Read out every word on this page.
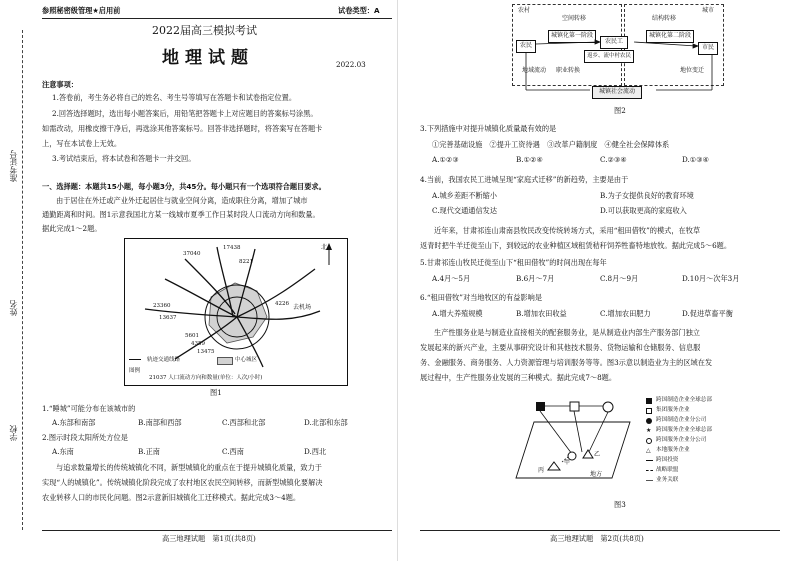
准考证号
姓名
学校
参照秘密级管理★启用前	试卷类型：A
2022届高三模拟考试
地理试题	2022.03
注意事项：
1.答卷前，考生务必将自己的姓名、考生号等填写在答题卡和试卷指定位置。
2.回答选择题时，选出每小题答案后，用铅笔把答题卡上对应题目的答案标号涂黑。
如需改动，用橡皮擦干净后，再选涂其他答案标号。回答非选择题时，将答案写在答题卡
上，写在本试卷上无效。
3.考试结束后，将本试卷和答题卡一并交回。
一、选择题：本题共15小题，每小题3分，共45分。每小题只有一个选项符合题目要求。
由于居住在外迁或产业外迁起居住与就业空间分离，造成职住分离，增加了城市
通勤距离和时间。图1示意我国北方某一线城市夏季工作日某时段人口流动方向和数量。
据此完成1～2题。
北
37040
17438
8221
23360
13637
4226
5601
4359
13475
去机场
轨迹交通线路	中心城区
图例
21037 人口流动方向和数量(单位：人次/小时)
图1
1.“睡城”可能分布在该城市的
A.东部和南部	B.南部和西部	C.西部和北部	D.北部和东部
2.图示时段太阳所处方位是
A.东南	B.正南	C.西南	D.西北
与追求数量增长的传统城镇化不同，新型城镇化的重点在于提升城镇化质量，致力于
实现“人的城镇化”。传统城镇化阶段完成了农村地区农民空间转移，而新型城镇化要解决
农业转移人口的市民化问题。图2示意新旧城镇化工迁移模式。据此完成3～4题。
高三地理试题　第1页(共8页)
农村	城市
空间转移	结构转移
农民
城镇化第一阶段
农民工
返乡、流中村农民
城镇化第二阶段
市民
地域流动 职业转换	地位变迁
城镇社会流动
图2
3.下列措施中对提升城镇化质量最有效的是
①完善基础设施　②提升工资待遇　③改革户籍制度　④健全社会保障体系
A.①②③	B.①②④	C.②③④	D.①③④
4.当前，我国农民工进城呈现“家庭式迁移”的新趋势，主要是由于
A.城乡差距不断缩小	B.为子女提供良好的教育环境
C.现代交通通信发达	D.可以获取更高的家庭收入
近年来，甘肃祁连山肃南县牧民改变传统转场方式，采用“租田借牧”的模式，在牧草
返青时把牛羊迁徙至山下，到较远的农业种植区域租赁秸秆饲养牲畜特地放牧。据此完成5～6题。
5.甘肃祁连山牧民迁徙至山下“租田借牧”的时间出现在每年
A.4月～5月	B.6月～7月	C.8月～9月	D.10月～次年3月
6.“租田借牧”对当地牧区的有益影响是
A.增大养殖规模	B.增加农田收益	C.增加农田肥力	D.促进草畜平衡
生产性服务业是与制造业直接相关的配套服务业，是从制造业内部生产服务部门独立
发展起来的新兴产业，主要从事研究设计和其他技术服务、货物运输和仓储服务、信息服
务、金融服务、商务服务、人力资源管理与培训服务等等。图3示意以制造业为主的区域在发
展过程中，生产性服务业发展的三种模式。据此完成7～8题。
甲
乙
丙
地方
跨国制造企业全球总部
集团服务企业
跨国制造企业分公司
★ 跨国服务企业全球总部
跨国服务企业分公司
△ 本地服务企业
跨国投资
战略联盟
业务关联
图3
高三地理试题　第2页(共8页)
